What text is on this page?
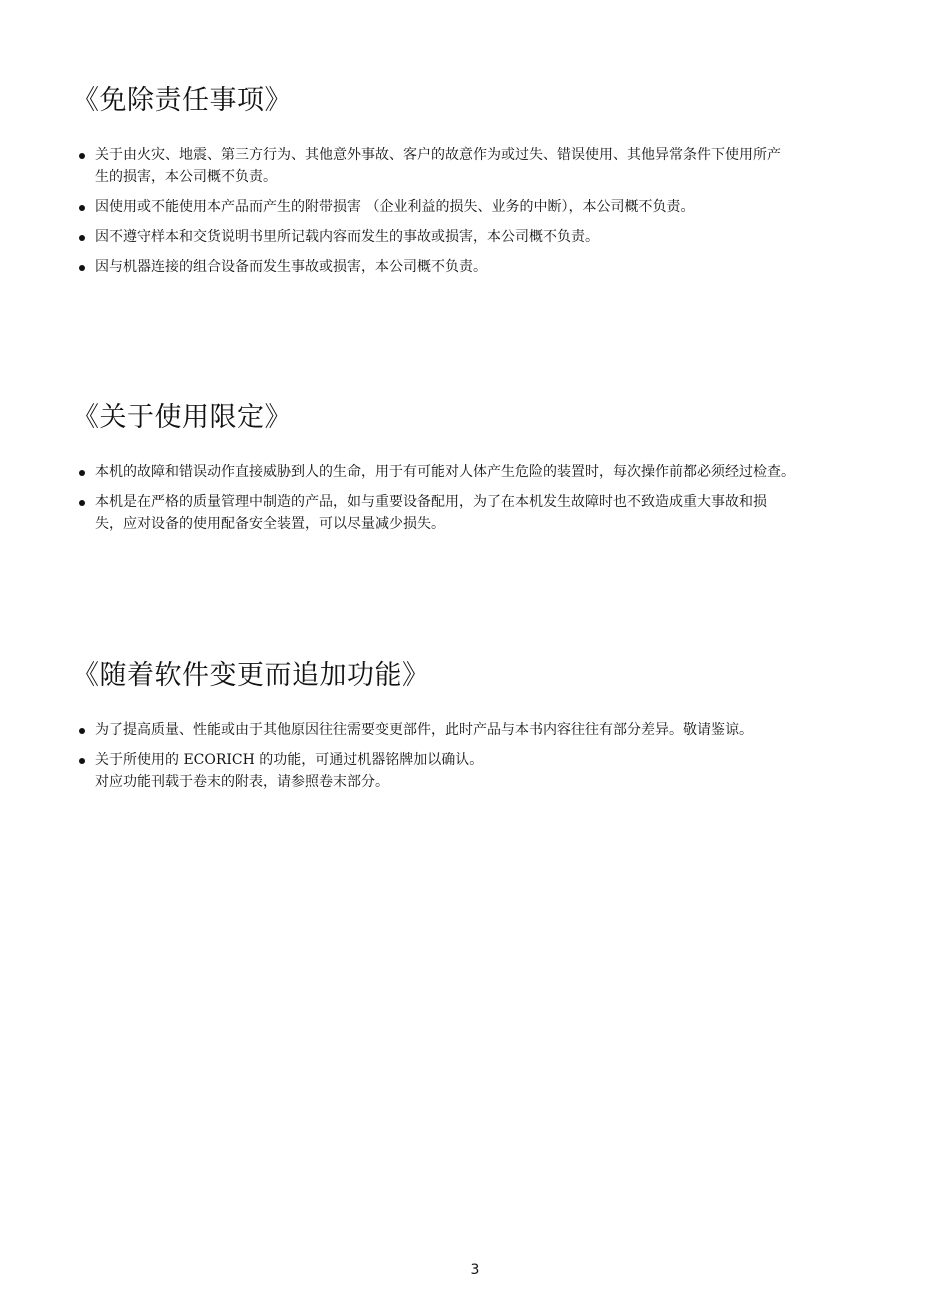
《免除责任事项》
关于由火灾、地震、第三方行为、其他意外事故、客户的故意作为或过失、错误使用、其他异常条件下使用所产
生的损害，本公司概不负责。
因使用或不能使用本产品而产生的附带损害 （企业利益的损失、业务的中断），本公司概不负责。
因不遵守样本和交货说明书里所记载内容而发生的事故或损害，本公司概不负责。
因与机器连接的组合设备而发生事故或损害，本公司概不负责。
《关于使用限定》
本机的故障和错误动作直接威胁到人的生命，用于有可能对人体产生危险的装置时，每次操作前都必须经过检查。
本机是在严格的质量管理中制造的产品，如与重要设备配用，为了在本机发生故障时也不致造成重大事故和损
失，应对设备的使用配备安全装置，可以尽量减少损失。
《随着软件变更而追加功能》
为了提高质量、性能或由于其他原因往往需要变更部件，此时产品与本书内容往往有部分差异。敬请鉴谅。
关于所使用的 ECORICH 的功能，可通过机器铭牌加以确认。
对应功能刊载于卷末的附表，请参照卷末部分。
3
